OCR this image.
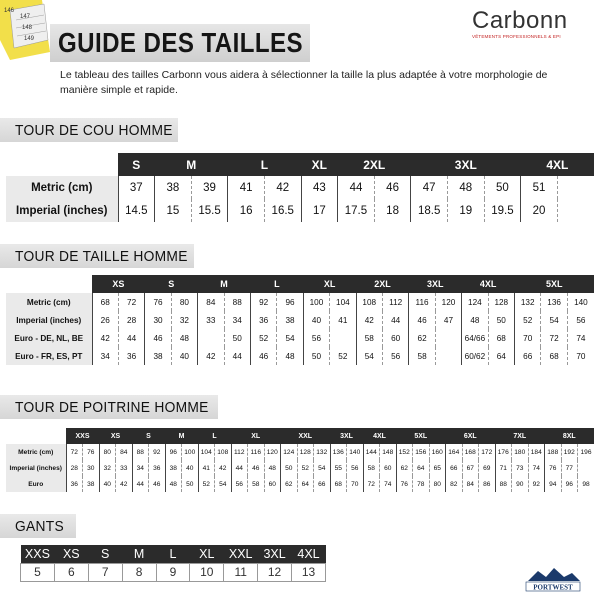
146
147
148
149 GUIDE DES TAILLES
Carbonn
VÊTEMENTS PROFESSIONNELS & EPI
Le tableau des tailles Carbonn vous aidera à sélectionner la taille la plus adaptée à votre morphologie de manière simple et rapide.
TOUR DE COU HOMME
	S	M		L		XL	2XL		3XL			4XL	
Metric (cm)	37	38	39	41	42	43	44	46	47	48	50	51	
Imperial (inches)	14.5	15	15.5	16	16.5	17	17.5	18	18.5	19	19.5	20	
TOUR DE TAILLE HOMME
	XS		S		M		L		XL		2XL		3XL		4XL		5XL		
Metric (cm)	68	72	76	80	84	88	92	96	100	104	108	112	116	120	124	128	132	136	140
Imperial (inches)	26	28	30	32	33	34	36	38	40	41	42	44	46	47	48	50	52	54	56
Euro - DE, NL, BE	42	44	46	48		50	52	54	56		58	60	62		64/66	68	70	72	74
Euro - FR, ES, PT	34	36	38	40	42	44	46	48	50	52	54	56	58		60/62	64	66	68	70
TOUR DE POITRINE HOMME
	XXS		XS		S		M		L		XL			XXL			3XL		4XL		5XL			6XL			7XL			8XL		
Metric (cm)	72	76	80	84	88	92	96	100	104	108	112	116	120	124	128	132	136	140	144	148	152	156	160	164	168	172	176	180	184	188	192	196
Imperial (inches)	28	30	32	33	34	36	38	40	41	42	44	46	48	50	52	54	55	56	58	60	62	64	65	66	67	69	71	73	74	76	77	
Euro	36	38	40	42	44	46	48	50	52	54	56	58	60	62	64	66	68	70	72	74	76	78	80	82	84	86	88	90	92	94	96	98
GANTS
XXS	XS	S	M	L	XL	XXL	3XL	4XL
5	6	7	8	9	10	11	12	13
PORTWEST
